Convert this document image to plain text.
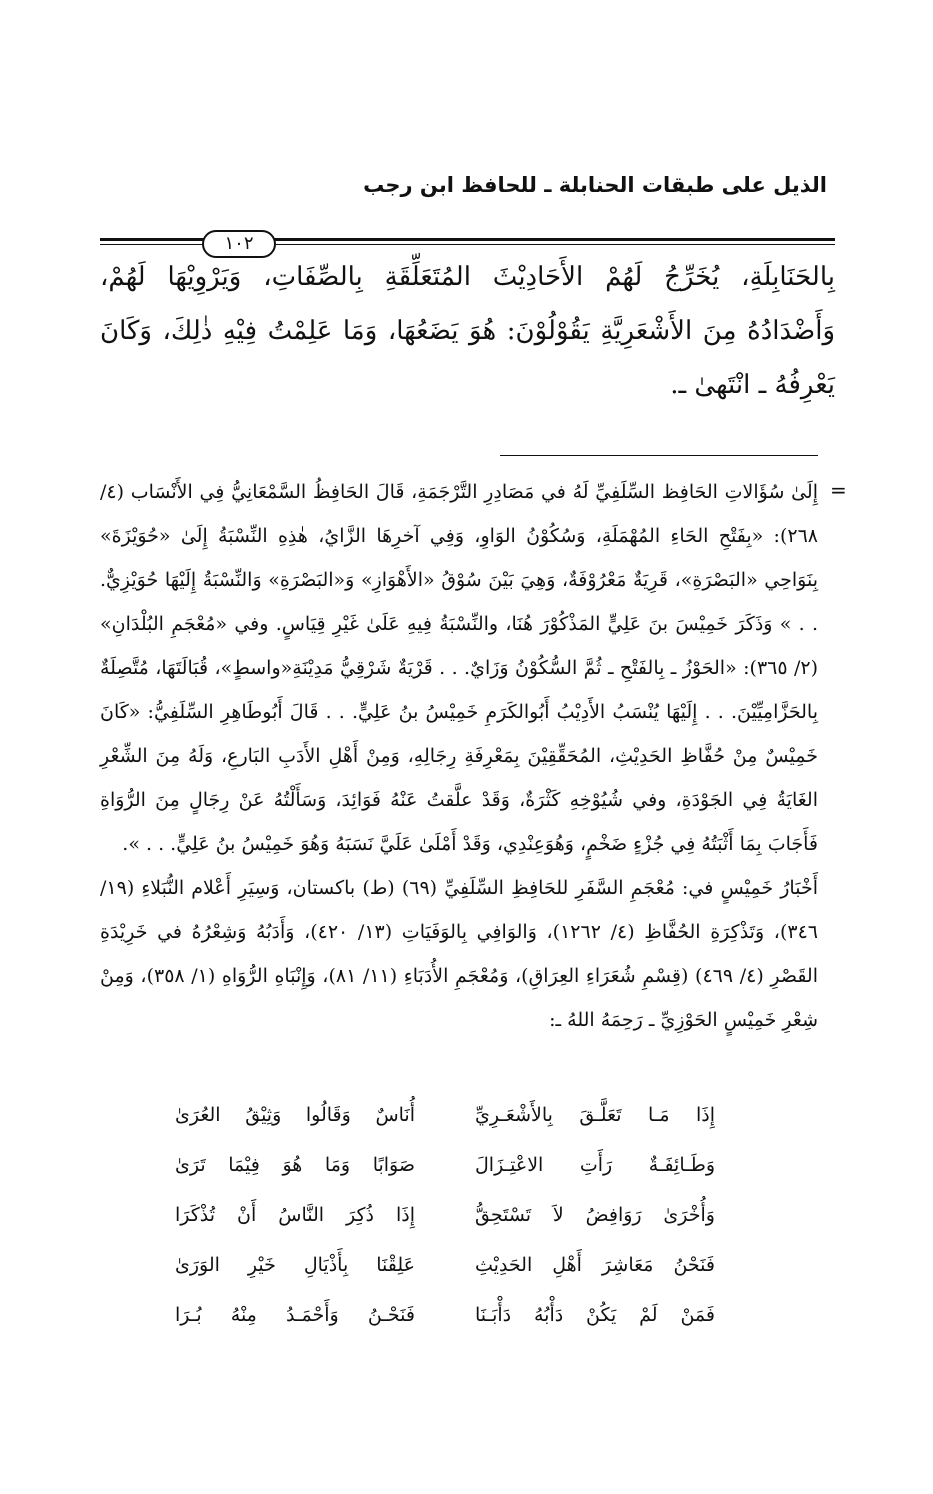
الذيل على طبقات الحنابلة ـ للحافظ ابن رجب
١٠٢

بِالحَنَابِلَةِ، يُخَرِّجُ لَهُمْ الأَحَادِيْثَ المُتَعَلِّقَةِ بِالصِّفَاتِ، وَيَرْوِيْهَا لَهُمْ، وَأَضْدَادُهُ مِنَ الأَشْعَرِيَّةِ يَقُوْلُوْنَ: هُوَ يَضَعُهَا، وَمَا عَلِمْتُ فِيْهِ ذٰلِكَ، وَكَانَ يَعْرِفُهُ ـ انْتَهىٰ ـ.

=

إِلَىٰ سُؤَالاتِ الحَافِظ السِّلَفِيِّ لَهُ في مَصَادِرِ التَّرْجَمَةِ، قَالَ الحَافِظُ السَّمْعَانِيُّ فِي الأَنْسَاب (٤/ ٢٦٨): «بِفَتْحِ الحَاءِ المُهْمَلَةِ، وَسُكُوْنُ الوَاوِ، وَفِي آخرِهَا الزَّايُ، هٰذِهِ النِّسْبَةُ إِلَىٰ «حُوَيْزَةَ» بِنَوَاحِي «البَصْرَةِ»، قَرِيَةٌ مَعْرُوْفَةٌ، وَهِيَ بَيْنَ سُوْقُ «الأَهْوَازِ» وَ«البَصْرَةِ» وَالنِّسْبَةُ إِلَيْهَا حُوَيْزِيٌّ. . . » وَذَكَرَ خَمِيْسَ بنَ عَلِيٍّ المَذْكُوْرَ هُنَا، والنِّسْبَةُ فِيهِ عَلَىٰ غَيْرِ قِيَاسٍ. وفي «مُعْجَمِ البُلْدَانِ» (٢/ ٣٦٥): «الحَوْزُ ـ بِالفَتْحِ ـ ثُمَّ السُّكُوْنُ وَزَايٌ. . . قَرْيَةٌ شَرْقِيُّ مَدِيْنَةِ«واسطٍ»، قُبَالَتَهَا، مُتَّصِلَةٌ بِالحَزَّامِيِّيْنَ. . . إِلَيْهَا يُنْسَبُ الأَدِيْبُ أَبُوالكَرَمِ خَمِيْسُ بنُ عَلِيٍّ. . . قَالَ أَبُوطَاهِرِ السِّلَفِيُّ: «كَانَ خَمِيْسٌ مِنْ حُفَّاظِ الحَدِيْثِ، المُحَقِّقِيْنَ بِمَعْرِفَةِ رِجَالِهِ، وَمِنْ أَهْلِ الأَدَبِ البَارعِ، وَلَهُ مِنَ الشِّعْرِ الغَايَةُ فِي الجَوْدَةِ، وفي شُيُوْخِهِ كَثْرَةٌ، وَقَدْ علَّقتُ عَنْهُ فَوَائِدَ، وَسَأَلْتُهُ عَنْ رِجَالٍ مِنَ الرُّوَاةِ فَأَجَابَ بِمَا أَثْبَتُهُ فِي جُزْءٍ ضَخْمٍ، وَهُوَعِنْدِي، وَقَدْ أَمْلَىٰ عَلَيَّ نَسَبَهُ وَهُوَ خَمِيْسُ بنُ عَلِيٍّ. . . ».

أَخْبَارُ خَمِيْسٍ في: مُعْجَمِ السَّفَرِ للحَافِظِ السِّلَفِيِّ (٦٩) (ط) باكستان، وَسِيَرِ أَعْلام النُّبَلاءِ (١٩/ ٣٤٦)، وَتَذْكِرَةِ الحُفَّاظِ (٤/ ١٢٦٢)، وَالوَافِي بِالوَفَيَاتِ (١٣/ ٤٢٠)، وَأَدَبُهُ وَشِعْرُهُ في خَرِيْدَةِ القَصْرِ (٤/ ٤٦٩) (قِسْمِ شُعَرَاءِ العِرَاقِ)، وَمُعْجَمِ الأُدَبَاءِ (١١/ ٨١)، وَإِنْبَاهِ الرُّوَاهِ (١/ ٣٥٨)، وَمِنْ شِعْرِ خَمِيْسٍ الحَوْزِيِّ ـ رَحِمَهُ اللهُ ـ:

إِذَا مَـا تَعَلَّـقَ بِالأَشْعَـرِيِّ
أُنَاسٌ وَقَالُوا وَثِيْقُ العُرَىٰ
وَطَـائِفَـةٌ رَأَتِ الاعْتِـزَالَ
صَوَابًا وَمَا هُوَ فِيْمَا تَرَىٰ
وَأُخْرَىٰ رَوَافِضُ لاَ تَسْتَحِقُّ
إِذَا ذُكِرَ النَّاسُ أَنْ تُذْكَرَا
فَنَحْنُ مَعَاشِرَ أَهْلِ الحَدِيْثِ
عَلِقْنَا بِأَذْيَالِ خَيْرِ الوَرَىٰ
فَمَنْ لَمْ يَكُنْ دَأْبُهُ دَأْبَـنَا
فَنَحْـنُ وَأَحْمَـدُ مِنْهُ بُـرَا
